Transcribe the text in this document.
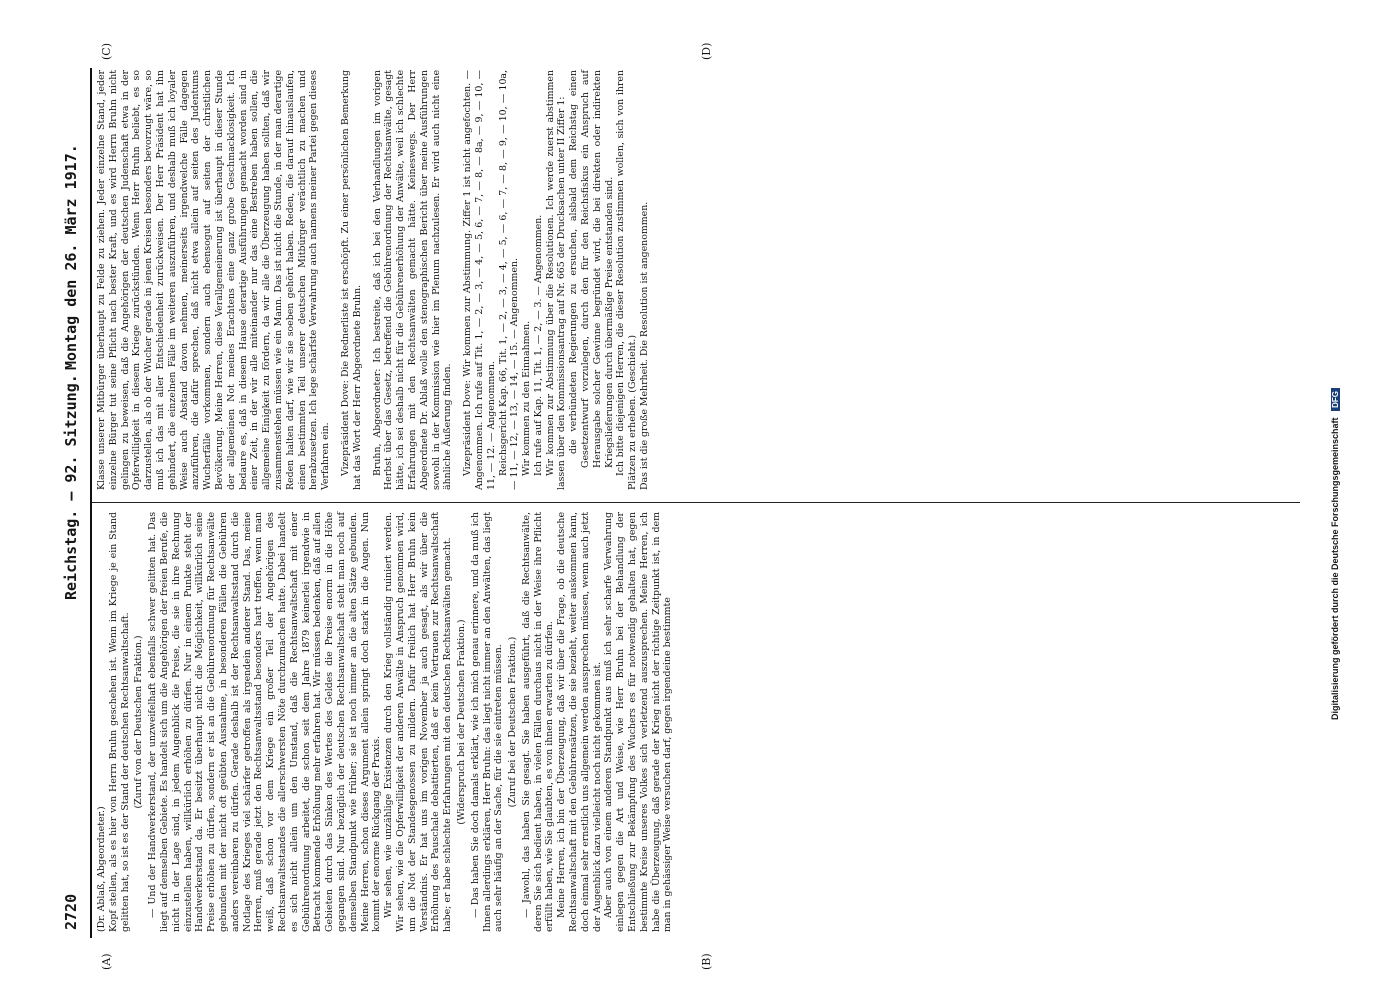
2720
Reichstag. — 92. Sitzung.
Montag den 26. März 1917.
(A)	(B)
(C)	(D)

(Dr. Ablaß, Abgeordneter.) Kopf stellen, als es hier von Herrn Bruhn geschehen ist. Wenn im Kriege je ein Stand gelitten hat, so ist es der Stand der deutschen Rechtsanwaltschaft. (Zuruf von der Deutschen Fraktion.) — Und der Handwerkerstand, der unzweifelhaft ebenfalls schwer gelitten hat. Das liegt auf demselben Gebiete. Es handelt sich um die Angehörigen der freien Berufe, die nicht in der Lage sind, in jedem Augenblick die Preise, die sie in ihre Rechnung einzustellen haben, willkürlich erhöhen zu dürfen. Nur in einem Punkte steht der Handwerkerstand da. Er besitzt überhaupt nicht die Möglichkeit, willkürlich seine Preise erhöhen zu dürfen, sondern er ist an die Gebührenordnung für Rechtsanwälte gebunden mit der nicht oft geübten Ausnahme, in besonderen Fällen die Gebühren anders vereinbaren zu dürfen. Gerade deshalb ist der Rechtsanwaltsstand durch die Notlage des Krieges viel schärfer getroffen als irgendein anderer Stand. Das, meine Herren, muß gerade jetzt den Rechtsanwaltsstand besonders hart treffen, wenn man weiß, daß schon vor dem Kriege ein großer Teil der Angehörigen des Rechtsanwaltsstandes die allerschwersten Nöte durchzumachen hatte. Dabei handelt es sich nicht allein um den Umstand, daß die Rechtsanwaltschaft mit einer Gebührenordnung arbeitet, die schon seit dem Jahre 1879 keinerlei irgendwie in Betracht kommende Erhöhung mehr erfahren hat. Wir müssen bedenken, daß auf allen Gebieten durch das Sinken des Wertes des Geldes die Preise enorm in die Höhe gegangen sind. Nur bezüglich der deutschen Rechtsanwaltschaft steht man noch auf demselben Standpunkt wie früher; sie ist noch immer an die alten Sätze gebunden. Meine Herren, schon dieses Argument allein springt doch stark in die Augen. Nun kommt der enorme Rückgang der Praxis. Wir sehen, wie unzählige Existenzen durch den Krieg vollständig ruiniert werden. Wir sehen, wie die Opferwilligkeit der anderen Anwälte in Anspruch genommen wird, um die Not der Standesgenossen zu mildern. Dafür freilich hat Herr Bruhn kein Verständnis. Er hat uns im vorigen November ja auch gesagt, als wir über die Erhöhung des Pauschale debattierten, daß er kein Vertrauen zur Rechtsanwaltschaft habe; er habe schlechte Erfahrungen mit den deutschen Rechtsanwälten gemacht. (Widerspruch bei der Deutschen Fraktion.) — Das haben Sie doch damals erklärt, wie ich mich genau erinnere, und da muß ich Ihnen allerdings erklären, Herr Bruhn: das liegt nicht immer an den Anwälten, das liegt auch sehr häufig an der Sache, für die sie eintreten müssen. (Zuruf bei der Deutschen Fraktion.) — Jawohl, das haben Sie gesagt. Sie haben ausgeführt, daß die Rechtsanwälte, deren Sie sich bedient haben, in vielen Fällen durchaus nicht in der Weise ihre Pflicht erfüllt haben, wie Sie glaubten, es von ihnen erwarten zu dürfen. Meine Herren, ich bin der Überzeugung, daß wir über die Frage, ob die deutsche Rechtsanwaltschaft mit den Gebührensätzen, die sie bezieht, weiter auskommen kann, doch einmal sehr ernstlich uns allgemein werden aussprechen müssen, wenn auch jetzt der Augenblick dazu vielleicht noch nicht gekommen ist. Aber auch von einem anderen Standpunkt aus muß ich sehr scharfe Verwahrung einlegen gegen die Art und Weise, wie Herr Bruhn bei der Behandlung der Entschließung zur Bekämpfung des Wuchers es für notwendig gehalten hat, gegen bestimmte Kreise unseres Volkes sich verletzend auszusprechen. Meine Herren, ich habe die Überzeugung, daß gerade der Krieg nicht der richtige Zeitpunkt ist, in dem man in gehässiger Weise versuchen darf, gegen irgendeine bestimmte

Klasse unserer Mitbürger überhaupt zu Felde zu ziehen. Jeder einzelne Stand, jeder einzelne Bürger tut seine Pflicht nach bester Kraft, und es wird Herrn Bruhn nicht gelingen zu beweisen, daß die Angehörigen der deutschen Judenschaft etwa in der Opferwilligkeit in diesem Kriege zurückstünden. Wenn Herr Bruhn beliebt, es so darzustellen, als ob der Wucher gerade in jenen Kreisen besonders bevorzugt wäre, so muß ich das mit aller Entschiedenheit zurückweisen. Der Herr Präsident hat ihn gehindert, die einzelnen Fälle im weiteren auszuführen, und deshalb muß ich loyaler Weise auch Abstand davon nehmen, meinerseits irgendwelche Fälle dagegen anzuführen, die dafür sprechen, daß nicht etwa allein auf seiten des Judentums Wucherfälle vorkommen, sondern auch ebensogut auf seiten der christlichen Bevölkerung. Meine Herren, diese Verallgemeinerung ist überhaupt in dieser Stunde der allgemeinen Not meines Erachtens eine ganz grobe Geschmacklosigkeit. Ich bedaure es, daß in diesem Hause derartige Ausführungen gemacht worden sind in einer Zeit, in der wir alle miteinander nur das eine Bestreben haben sollen, die allgemeine Einigkeit zu fördern, da wir alle die Überzeugung haben sollten, daß wir zusammenstehen müssen wie ein Mann. Das ist nicht die Stunde, in der man derartige Reden halten darf, wie wir sie soeben gehört haben. Reden, die darauf hinauslaufen, einen bestimmten Teil unserer deutschen Mitbürger verächtlich zu machen und herabzusetzen. Ich lege schärfste Verwahrung auch namens meiner Partei gegen dieses Verfahren ein. Vizepräsident Dove: Die Rednerliste ist erschöpft. Zu einer persönlichen Bemerkung hat das Wort der Herr Abgeordnete Bruhn. Bruhn, Abgeordneter: Ich bestreite, daß ich bei den Verhandlungen im vorigen Herbst über das Gesetz, betreffend die Gebührenordnung der Rechtsanwälte, gesagt hätte, ich sei deshalb nicht für die Gebührenerhöhung der Anwälte, weil ich schlechte Erfahrungen mit den Rechtsanwälten gemacht hätte. Keineswegs. Der Herr Abgeordnete Dr. Ablaß wolle den stenographischen Bericht über meine Ausführungen sowohl in der Kommission wie hier im Plenum nachzulesen. Er wird auch nicht eine ähnliche Äußerung finden. Vizepräsident Dove: Wir kommen zur Abstimmung. Ziffer 1 ist nicht angefochten. — Angenommen. Ich rufe auf Tit. 1, — 2, — 3, — 4, — 5, 6, — 7, — 8, — 8a, — 9, — 10, — 11, — 12. — Angenommen. Reichsgericht Kap. 66, Tit. 1, — 2, — 3, — 4, — 5, — 6, — 7, — 8, — 9, — 10, — 10a, — 11, — 12, — 13, — 14, — 15. — Angenommen. Wir kommen zu den Einnahmen. Ich rufe auf Kap. 11, Tit. 1, — 2, — 3. — Angenommen. Wir kommen zur Abstimmung über die Resolutionen. Ich werde zuerst abstimmen lassen über den Kommissionsantrag auf Nr. 665 der Drucksachen unter II Ziffer 1: die verbündeten Regierungen zu ersuchen, alsbald dem Reichstag einen Gesetzentwurf vorzulegen, durch den für den Reichsfiskus ein Anspruch auf Herausgabe solcher Gewinne begründet wird, die bei direkten oder indirekten Kriegslieferungen durch übermäßige Preise entstanden sind. Ich bitte diejenigen Herren, die dieser Resolution zustimmen wollen, sich von ihren Plätzen zu erheben. (Geschieht.) Das ist die große Mehrheit. Die Resolution ist angenommen.

Digitalisierung gefördert durch die Deutsche Forschungsgemeinschaft DFG
